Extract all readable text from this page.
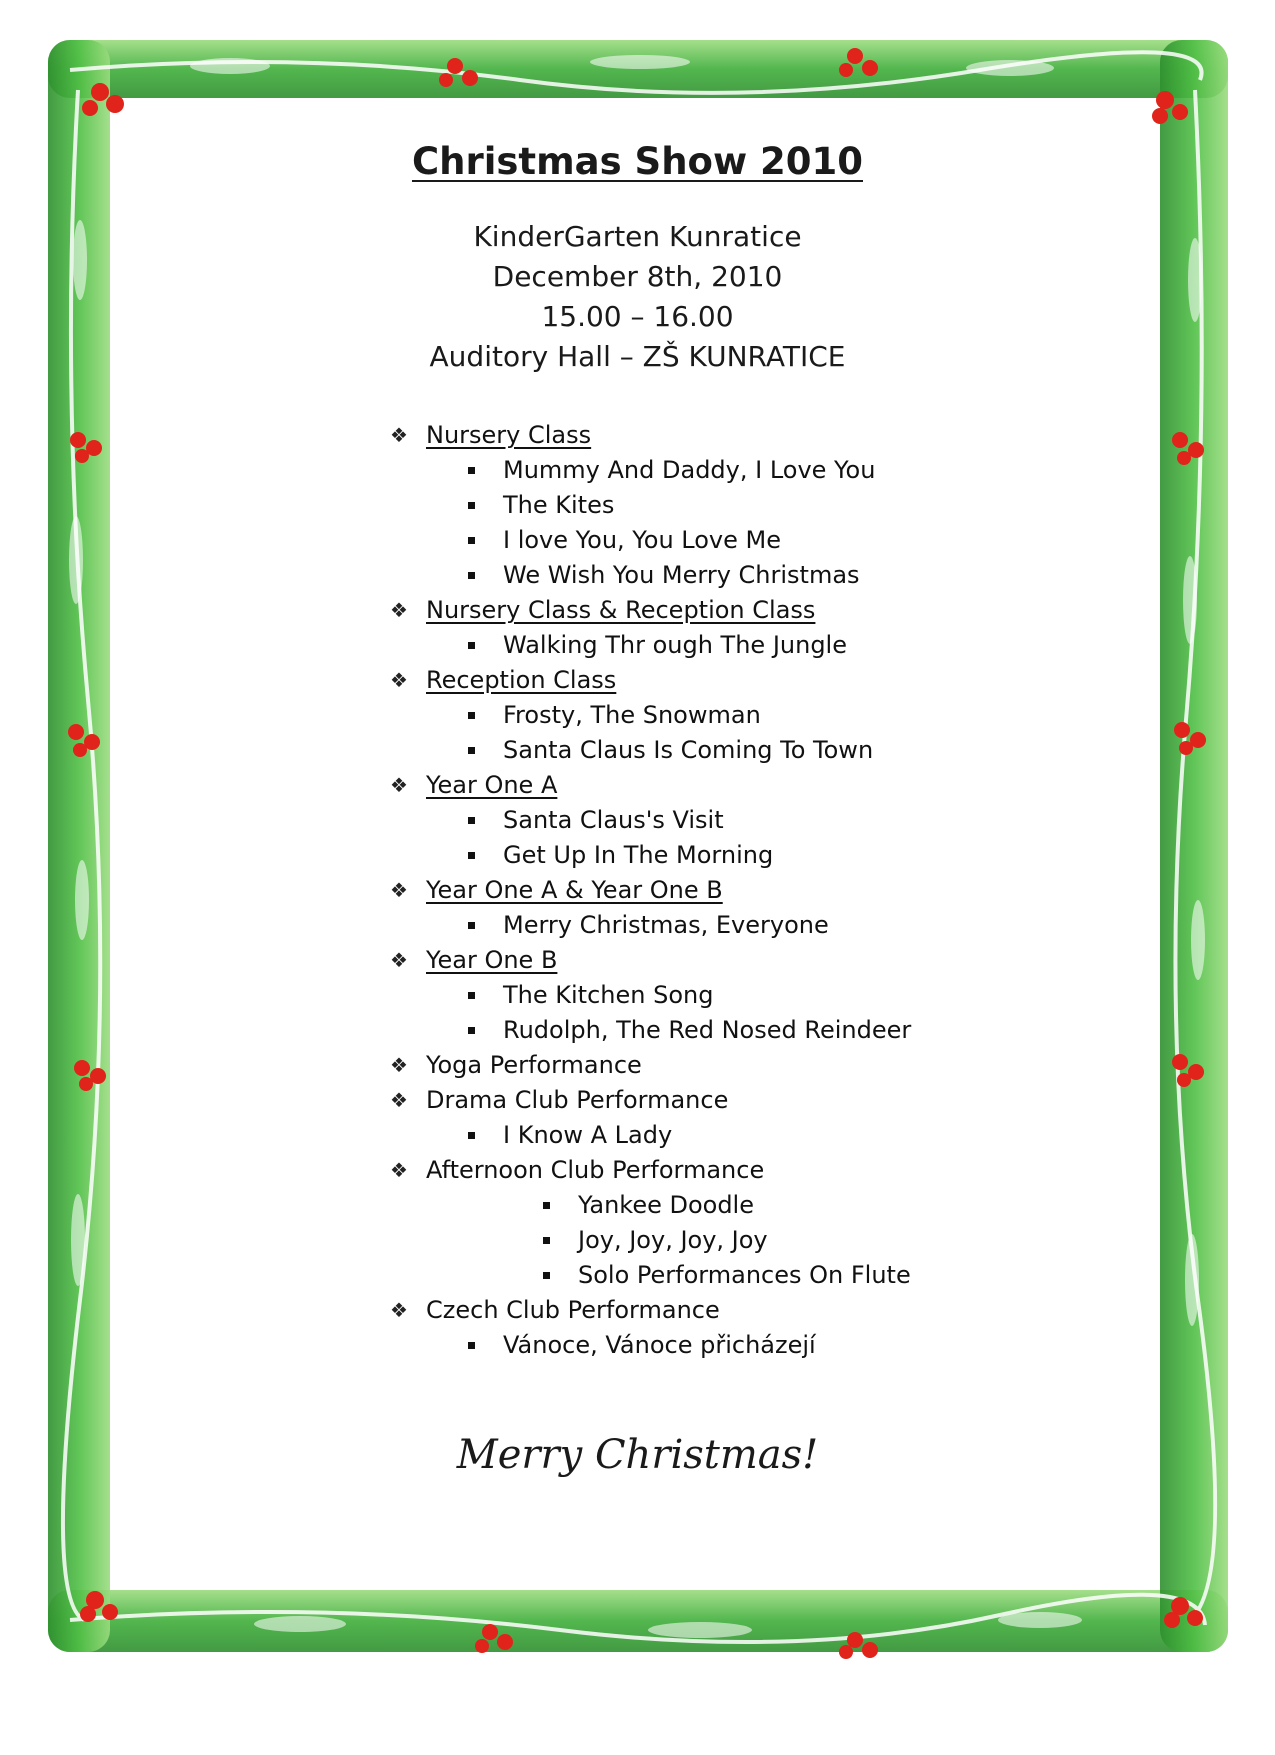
Christmas Show 2010
KinderGarten Kunratice
December 8th, 2010
15.00 – 16.00
Auditory Hall – ZŠ KUNRATICE
❖ Nursery Class
Mummy And Daddy, I Love You
The Kites
I love You, You Love Me
We Wish You Merry Christmas
❖ Nursery Class & Reception Class
Walking Thr ough The Jungle
❖ Reception Class
Frosty, The Snowman
Santa Claus Is Coming To Town
❖ Year One A
Santa Claus's Visit
Get Up In The Morning
❖ Year One A & Year One B
Merry Christmas, Everyone
❖ Year One B
The Kitchen Song
Rudolph, The Red Nosed Reindeer
❖ Yoga Performance
❖ Drama Club Performance
I Know A Lady
❖ Afternoon Club Performance
Yankee Doodle
Joy, Joy, Joy, Joy
Solo Performances On Flute
❖ Czech Club Performance
Vánoce, Vánoce přicházejí
Merry Christmas!
